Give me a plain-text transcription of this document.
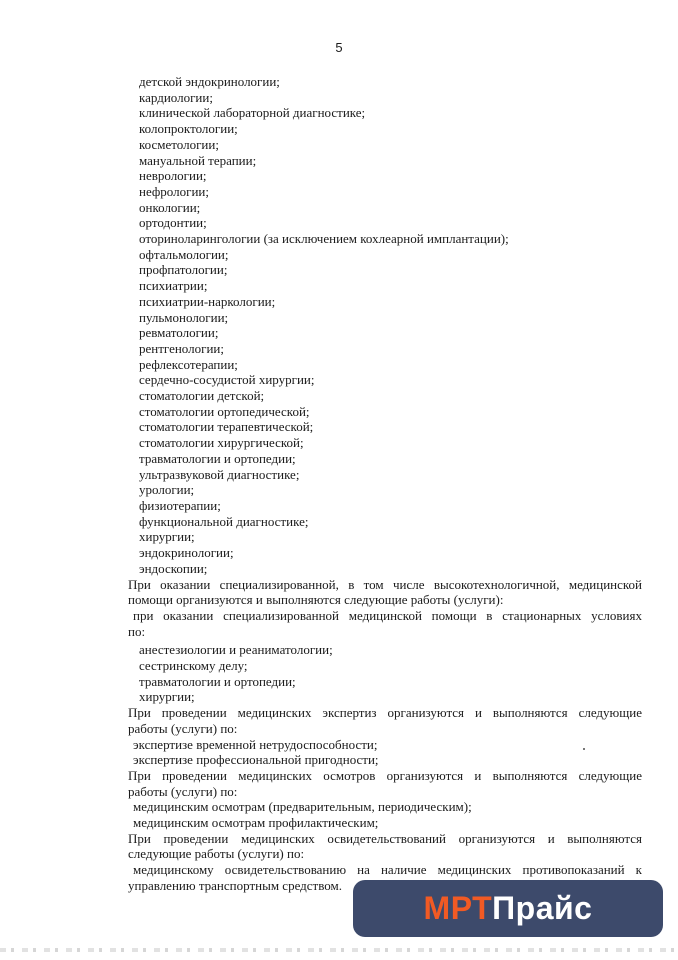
5
детской эндокринологии;
кардиологии;
клинической лабораторной диагностике;
колопроктологии;
косметологии;
мануальной терапии;
неврологии;
нефрологии;
онкологии;
ортодонтии;
оториноларингологии (за исключением кохлеарной имплантации);
офтальмологии;
профпатологии;
психиатрии;
психиатрии-наркологии;
пульмонологии;
ревматологии;
рентгенологии;
рефлексотерапии;
сердечно-сосудистой хирургии;
стоматологии детской;
стоматологии ортопедической;
стоматологии терапевтической;
стоматологии хирургической;
травматологии и ортопедии;
ультразвуковой диагностике;
урологии;
физиотерапии;
функциональной диагностике;
хирургии;
эндокринологии;
эндоскопии;
При оказании специализированной, в том числе высокотехнологичной, медицинской
помощи организуются и выполняются следующие работы (услуги):
при оказании специализированной медицинской помощи в стационарных условиях
по:
анестезиологии и реаниматологии;
сестринскому делу;
травматологии и ортопедии;
хирургии;
При проведении медицинских экспертиз организуются и выполняются следующие
работы (услуги) по:
экспертизе временной нетрудоспособности;
экспертизе профессиональной пригодности;
При проведении медицинских осмотров организуются и выполняются следующие
работы (услуги) по:
медицинским осмотрам (предварительным, периодическим);
медицинским осмотрам профилактическим;
При проведении медицинских освидетельствований организуются и выполняются
следующие работы (услуги) по:
медицинскому освидетельствованию на наличие медицинских противопоказаний к
управлению транспортным средством.
МРТ Прайс
